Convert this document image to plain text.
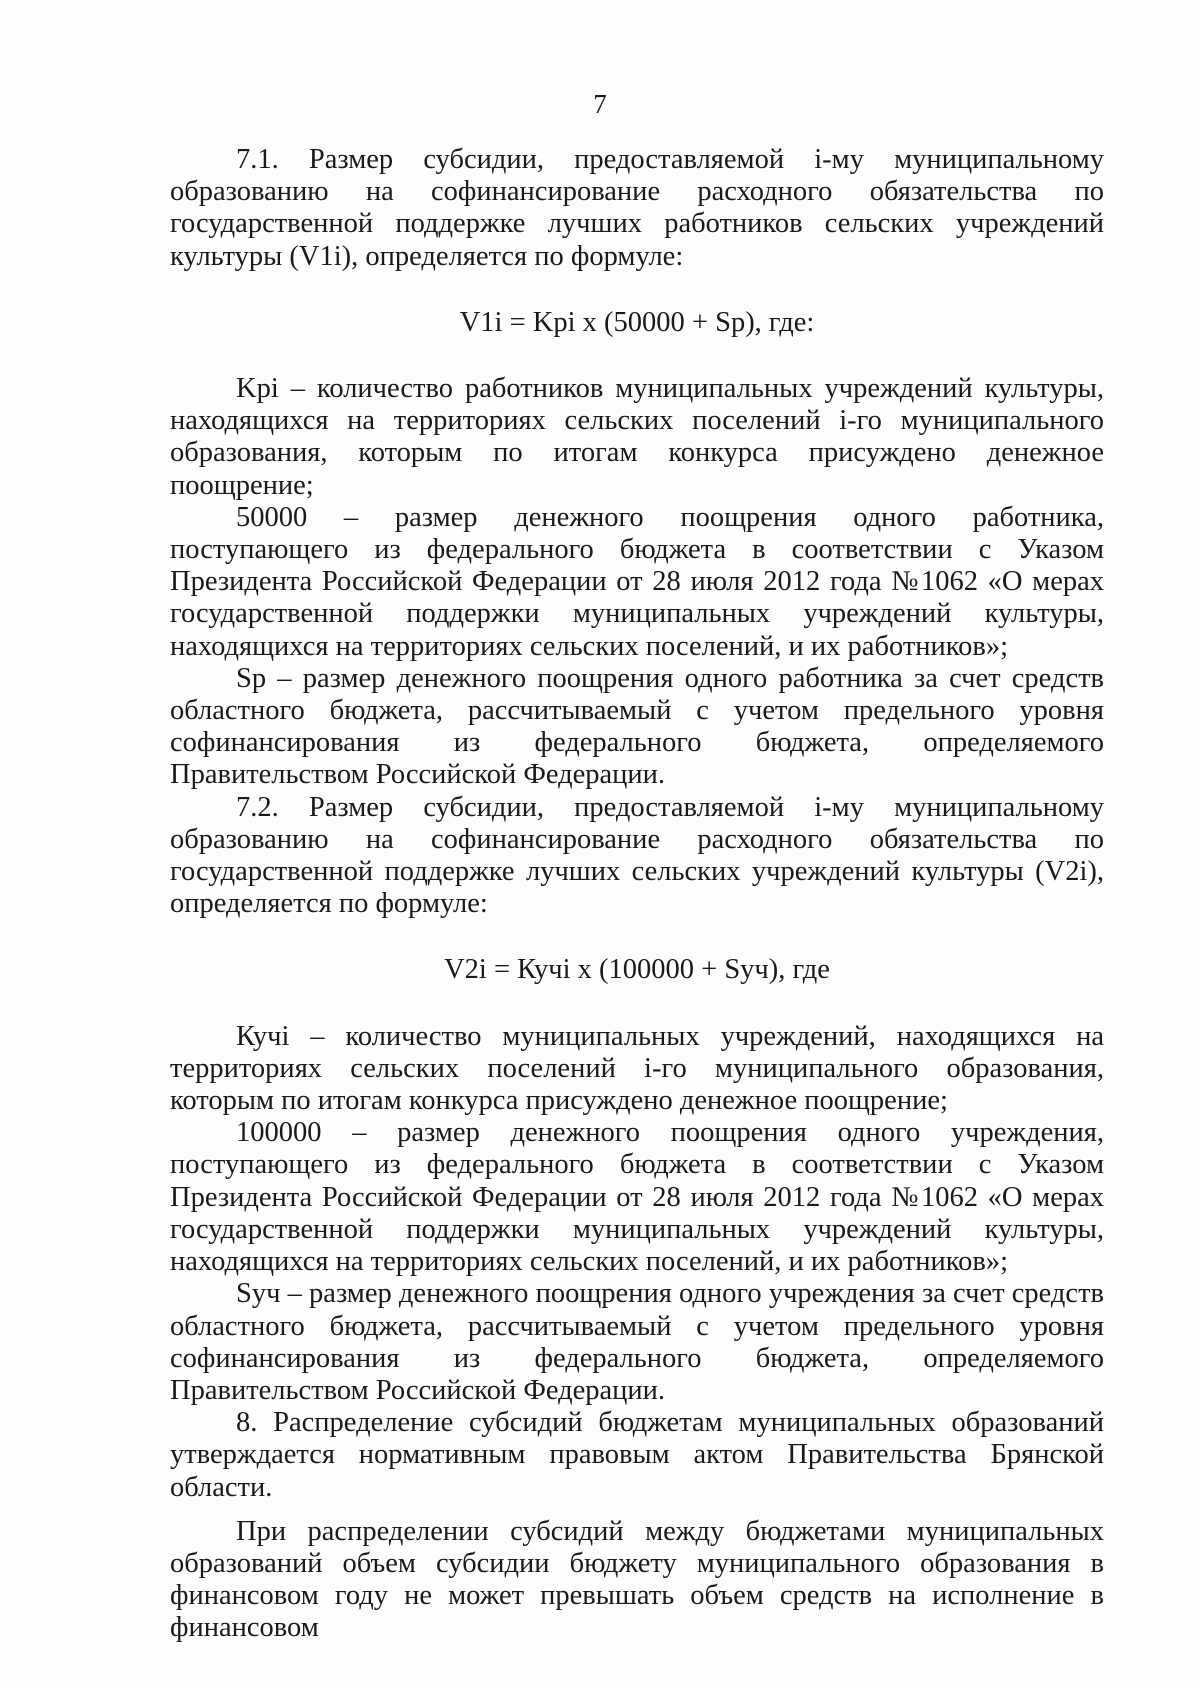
7

7.1. Размер субсидии, предоставляемой i-му муниципальному образованию на софинансирование расходного обязательства по государственной поддержке лучших работников сельских учреждений культуры (V1i), определяется по формуле:

V1i = Kpi x (50000 + Sp), где:

Kpi – количество работников муниципальных учреждений культуры, находящихся на территориях сельских поселений i-го муниципального образования, которым по итогам конкурса присуждено денежное поощрение;

50000 – размер денежного поощрения одного работника, поступающего из федерального бюджета в соответствии с Указом Президента Российской Федерации от 28 июля 2012 года №1062 «О мерах государственной поддержки муниципальных учреждений культуры, находящихся на территориях сельских поселений, и их работников»;

Sp – размер денежного поощрения одного работника за счет средств областного бюджета, рассчитываемый с учетом предельного уровня софинансирования из федерального бюджета, определяемого Правительством Российской Федерации.

7.2. Размер субсидии, предоставляемой i-му муниципальному образованию на софинансирование расходного обязательства по государственной поддержке лучших сельских учреждений культуры (V2i), определяется по формуле:

V2i = Кучi x (100000 + Sуч), где

Кучi – количество муниципальных учреждений, находящихся на территориях сельских поселений i-го муниципального образования, которым по итогам конкурса присуждено денежное поощрение;

100000 – размер денежного поощрения одного учреждения, поступающего из федерального бюджета в соответствии с Указом Президента Российской Федерации от 28 июля 2012 года №1062 «О мерах государственной поддержки муниципальных учреждений культуры, находящихся на территориях сельских поселений, и их работников»;

Sуч – размер денежного поощрения одного учреждения за счет средств областного бюджета, рассчитываемый с учетом предельного уровня софинансирования из федерального бюджета, определяемого Правительством Российской Федерации.

8. Распределение субсидий бюджетам муниципальных образований утверждается нормативным правовым актом Правительства Брянской области.

При распределении субсидий между бюджетами муниципальных образований объем субсидии бюджету муниципального образования в финансовом году не может превышать объем средств на исполнение в финансовом
